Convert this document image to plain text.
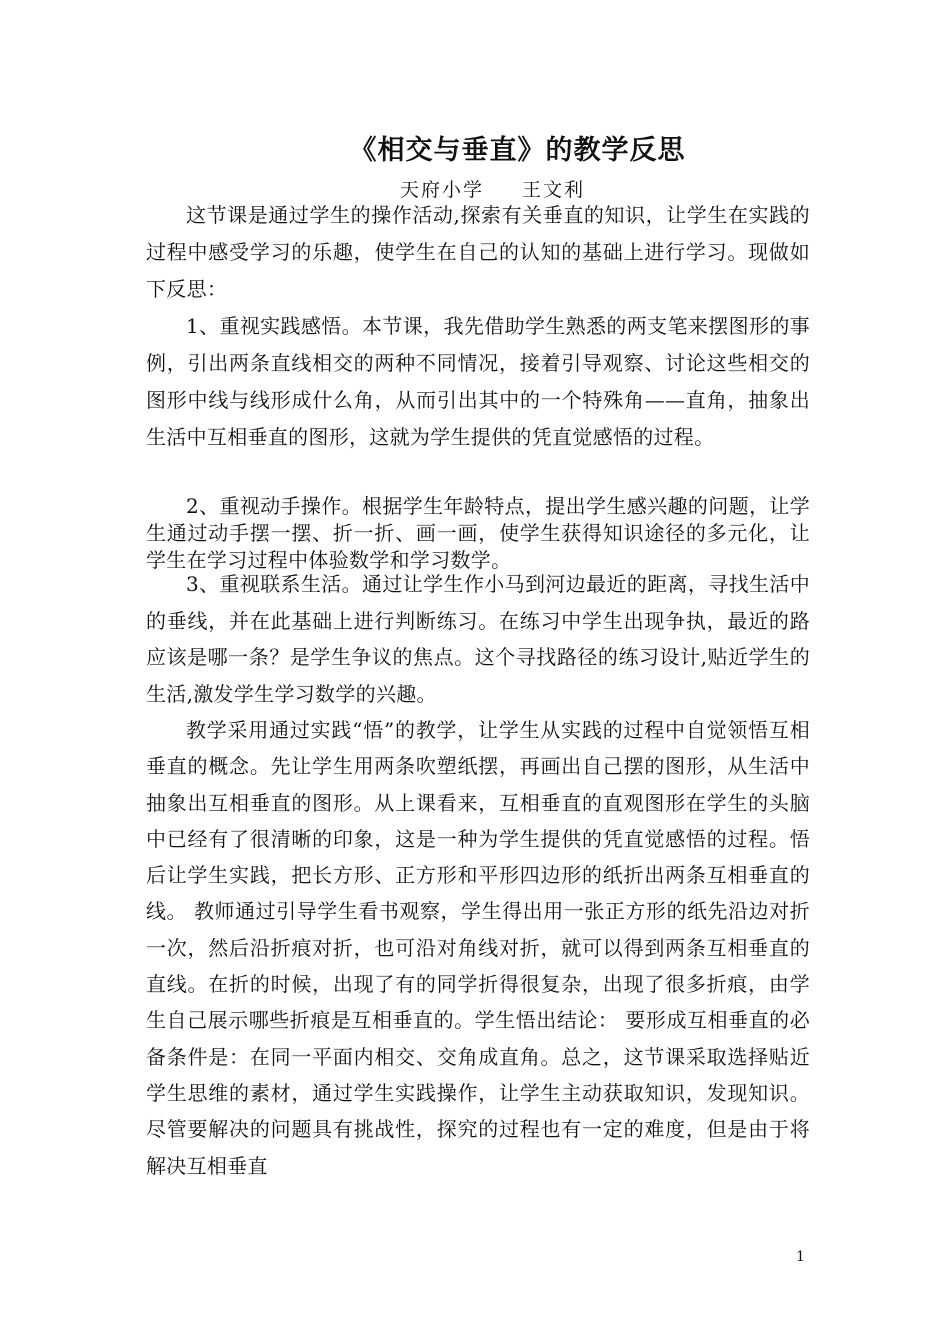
《相交与垂直》的教学反思
天府小学 王文利

这节课是通过学生的操作活动,探索有关垂直的知识，让学生在实践的过程中感受学习的乐趣，使学生在自己的认知的基础上进行学习。现做如下反思：

1、重视实践感悟。本节课，我先借助学生熟悉的两支笔来摆图形的事例，引出两条直线相交的两种不同情况，接着引导观察、讨论这些相交的图形中线与线形成什么角，从而引出其中的一个特殊角——直角，抽象出生活中互相垂直的图形，这就为学生提供的凭直觉感悟的过程。

2、重视动手操作。根据学生年龄特点，提出学生感兴趣的问题，让学生通过动手摆一摆、折一折、画一画，使学生获得知识途径的多元化，让学生在学习过程中体验数学和学习数学。

3、重视联系生活。通过让学生作小马到河边最近的距离，寻找生活中的垂线，并在此基础上进行判断练习。在练习中学生出现争执，最近的路应该是哪一条？是学生争议的焦点。这个寻找路径的练习设计,贴近学生的生活,激发学生学习数学的兴趣。

教学采用通过实践“悟”的教学，让学生从实践的过程中自觉领悟互相垂直的概念。先让学生用两条吹塑纸摆，再画出自己摆的图形，从生活中抽象出互相垂直的图形。从上课看来，互相垂直的直观图形在学生的头脑中已经有了很清晰的印象，这是一种为学生提供的凭直觉感悟的过程。悟后让学生实践，把长方形、正方形和平形四边形的纸折出两条互相垂直的线。 教师通过引导学生看书观察，学生得出用一张正方形的纸先沿边对折一次，然后沿折痕对折，也可沿对角线对折，就可以得到两条互相垂直的直线。在折的时候，出现了有的同学折得很复杂，出现了很多折痕，由学生自己展示哪些折痕是互相垂直的。学生悟出结论： 要形成互相垂直的必备条件是：在同一平面内相交、交角成直角。总之，这节课采取选择贴近学生思维的素材，通过学生实践操作，让学生主动获取知识，发现知识。尽管要解决的问题具有挑战性，探究的过程也有一定的难度，但是由于将解决互相垂直

1
